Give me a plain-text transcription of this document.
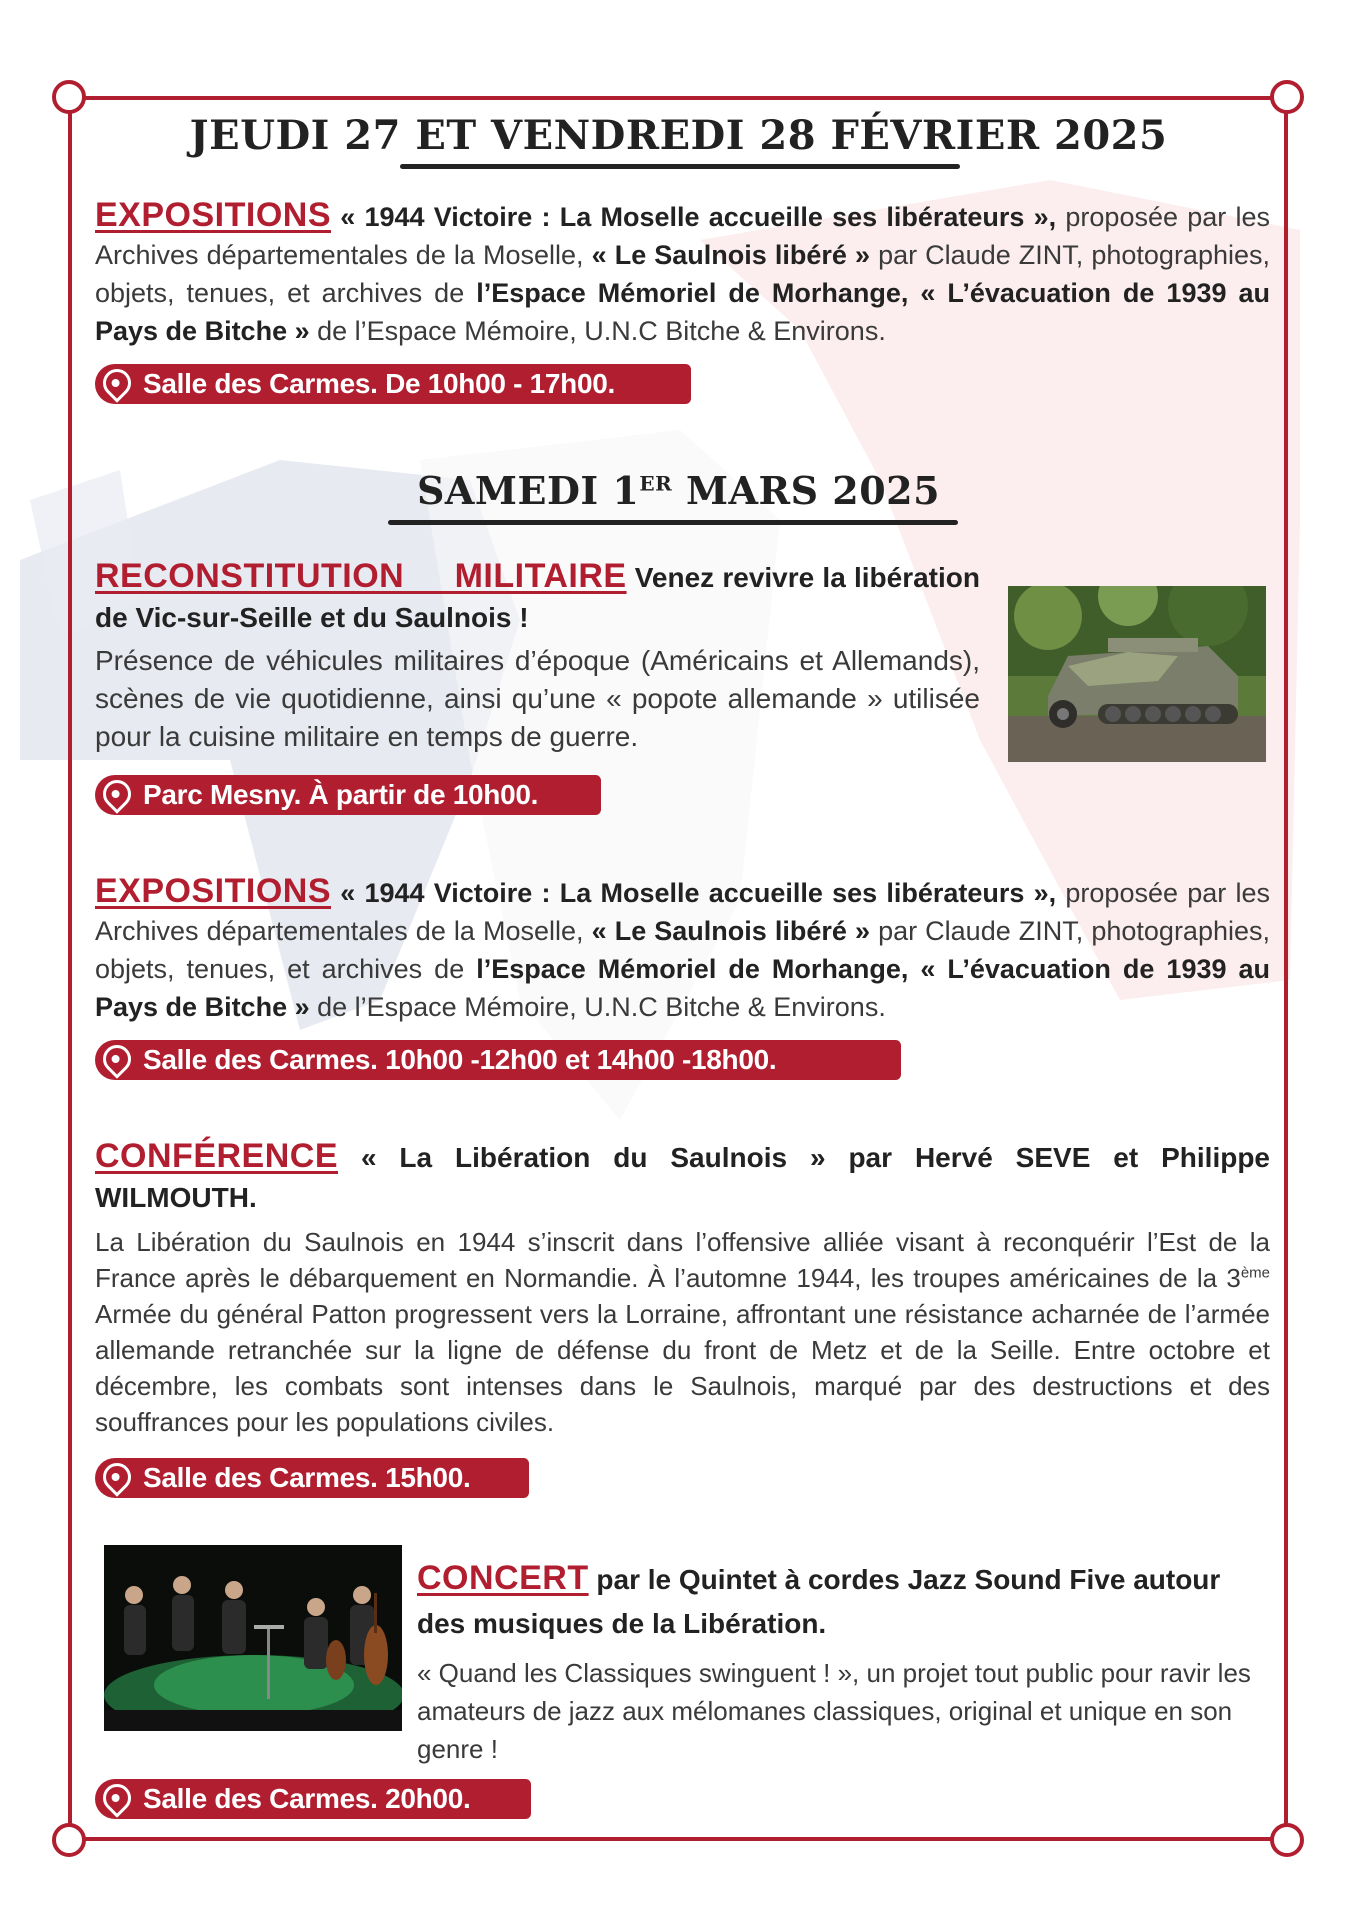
JEUDI 27 ET VENDREDI 28 FÉVRIER 2025
EXPOSITIONS « 1944 Victoire : La Moselle accueille ses libérateurs », proposée par les Archives départementales de la Moselle, « Le Saulnois libéré » par Claude ZINT, photographies, objets, tenues, et archives de l’Espace Mémoriel de Morhange, « L’évacuation de 1939 au Pays de Bitche » de l’Espace Mémoire, U.N.C Bitche & Environs.
Salle des Carmes. De 10h00 - 17h00.
SAMEDI 1ER MARS 2025
RECONSTITUTION MILITAIRE Venez revivre la libération de Vic-sur-Seille et du Saulnois !
Présence de véhicules militaires d’époque (Américains et Allemands), scènes de vie quotidienne, ainsi qu’une « popote allemande » utilisée pour la cuisine militaire en temps de guerre.
Parc Mesny. À partir de 10h00.
EXPOSITIONS « 1944 Victoire : La Moselle accueille ses libérateurs », proposée par les Archives départementales de la Moselle, « Le Saulnois libéré » par Claude ZINT, photographies, objets, tenues, et archives de l’Espace Mémoriel de Morhange, « L’évacuation de 1939 au Pays de Bitche » de l’Espace Mémoire, U.N.C Bitche & Environs.
Salle des Carmes. 10h00 -12h00 et 14h00 -18h00.
CONFÉRENCE « La Libération du Saulnois » par Hervé SEVE et Philippe WILMOUTH.
La Libération du Saulnois en 1944 s’inscrit dans l’offensive alliée visant à reconquérir l’Est de la France après le débarquement en Normandie. À l’automne 1944, les troupes américaines de la 3ème Armée du général Patton progressent vers la Lorraine, affrontant une résistance acharnée de l’armée allemande retranchée sur la ligne de défense du front de Metz et de la Seille. Entre octobre et décembre, les combats sont intenses dans le Saulnois, marqué par des destructions et des souffrances pour les populations civiles.
Salle des Carmes. 15h00.
CONCERT par le Quintet à cordes Jazz Sound Five autour des musiques de la Libération.
« Quand les Classiques swinguent ! », un projet tout public pour ravir les amateurs de jazz aux mélomanes classiques, original et unique en son genre !
Salle des Carmes. 20h00.
